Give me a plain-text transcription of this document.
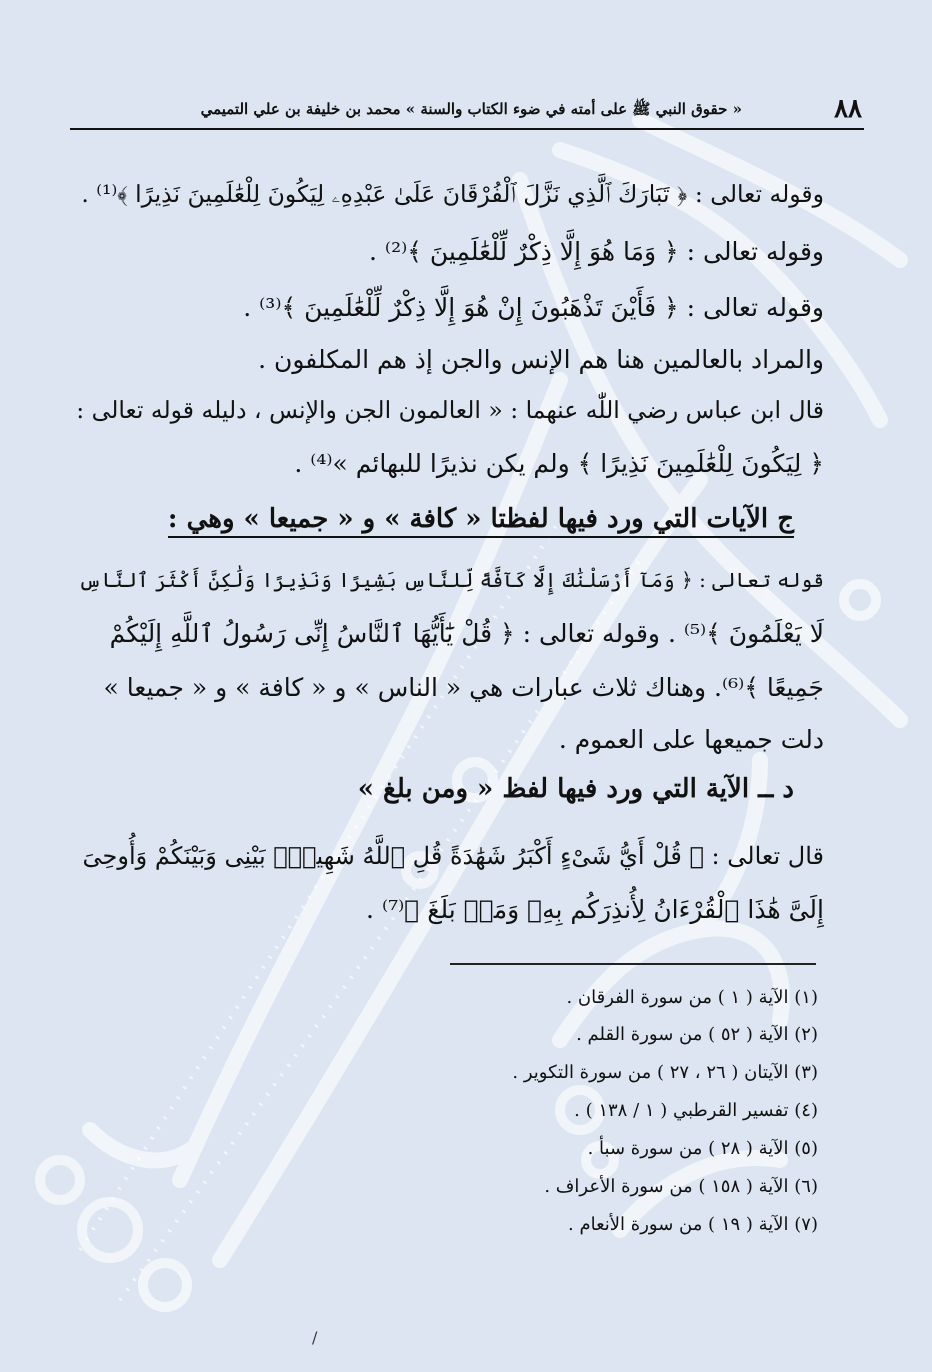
٨٨
« حقوق النبي ﷺ على أمته في ضوء الكتاب والسنة » محمد بن خليفة بن علي التميمي
وقوله تعالى : ﴿ تَبَارَكَ ٱلَّذِي نَزَّلَ ٱلْفُرْقَانَ عَلَىٰ عَبْدِهِۦ لِيَكُونَ لِلْعَٰلَمِينَ نَذِيرًا ﴾⁽¹⁾ .
وقوله تعالى : ﴿ وَمَا هُوَ إِلَّا ذِكْرٌ لِّلْعَٰلَمِينَ ﴾⁽²⁾ .
وقوله تعالى : ﴿ فَأَيْنَ تَذْهَبُونَ إِنْ هُوَ إِلَّا ذِكْرٌ لِّلْعَٰلَمِينَ ﴾⁽³⁾ .
والمراد بالعالمين هنا هم الإنس والجن إذ هم المكلفون .
قال ابن عباس رضي اللّٰه عنهما : « العالمون الجن والإنس ، دليله قوله تعالى :
﴿ لِيَكُونَ لِلْعَٰلَمِينَ نَذِيرًا ﴾ ولم يكن نذيرًا للبهائم »⁽⁴⁾ .
ج الآيات التي ورد فيها لفظتا « كافة » و « جميعا » وهي :
قوله تعالى : ﴿ وَمَآ أَرْسَلْنَٰكَ إِلَّا كَآفَّةً لِّلنَّاسِ بَشِيرًا وَنَذِيرًا وَلَٰكِنَّ أَكْثَرَ ٱلنَّاسِ
لَا يَعْلَمُونَ ﴾⁽⁵⁾ . وقوله تعالى : ﴿ قُلْ يَٰٓأَيُّهَا ٱلنَّاسُ إِنِّى رَسُولُ ٱللَّهِ إِلَيْكُمْ
جَمِيعًا ﴾⁽⁶⁾. وهناك ثلاث عبارات هي « الناس » و « كافة » و « جميعا »
دلت جميعها على العموم .
د ــ الآية التي ورد فيها لفظ « ومن بلغ »
قال تعالى : ﴿ قُلْ أَيُّ شَىْءٍ أَكْبَرُ شَهَٰدَةً قُلِ ٱللَّهُ شَهِيدٌۢ بَيْنِى وَبَيْنَكُمْ وَأُوحِىَ
إِلَىَّ هَٰذَا ٱلْقُرْءَانُ لِأُنذِرَكُم بِهِۦ وَمَنۢ بَلَغَ ﴾⁽⁷⁾ .
(١) الآية ( ١ ) من سورة الفرقان .
(٢) الآية ( ٥٢ ) من سورة القلم .
(٣) الآيتان ( ٢٦ ، ٢٧ ) من سورة التكوير .
(٤) تفسير القرطبي ( ١ / ١٣٨ ) .
(٥) الآية ( ٢٨ ) من سورة سبأ .
(٦) الآية ( ١٥٨ ) من سورة الأعراف .
(٧) الآية ( ١٩ ) من سورة الأنعام .
/
